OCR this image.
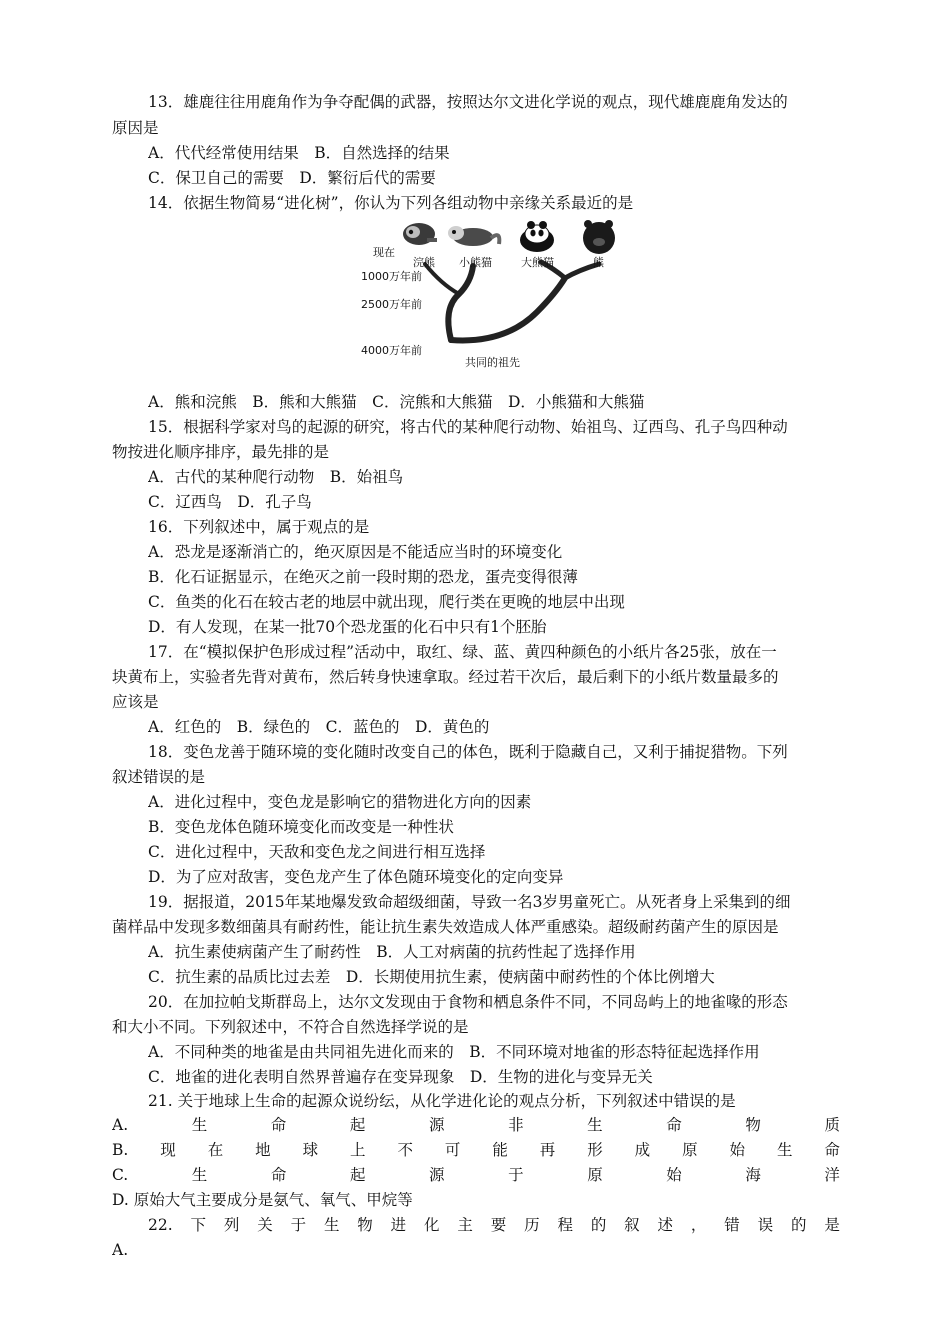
13．雄鹿往往用鹿角作为争夺配偶的武器，按照达尔文进化学说的观点，现代雄鹿鹿角发达的
原因是
A．代代经常使用结果　B．自然选择的结果
C．保卫自己的需要　D．繁衍后代的需要
14．依据生物简易“进化树”，你认为下列各组动物中亲缘关系最近的是
现在
浣熊 小熊猫	大熊猫	熊
1000万年前
2500万年前
4000万年前
共同的祖先
A．熊和浣熊　B．熊和大熊猫　C．浣熊和大熊猫　D．小熊猫和大熊猫
15．根据科学家对鸟的起源的研究，将古代的某种爬行动物、始祖鸟、辽西鸟、孔子鸟四种动
物按进化顺序排序，最先排的是
A．古代的某种爬行动物　B．始祖鸟
C．辽西鸟　D．孔子鸟
16．下列叙述中，属于观点的是
A．恐龙是逐渐消亡的，绝灭原因是不能适应当时的环境变化
B．化石证据显示，在绝灭之前一段时期的恐龙，蛋壳变得很薄
C．鱼类的化石在较古老的地层中就出现，爬行类在更晚的地层中出现
D．有人发现，在某一批70个恐龙蛋的化石中只有1个胚胎
17．在“模拟保护色形成过程”活动中，取红、绿、蓝、黄四种颜色的小纸片各25张，放在一
块黄布上，实验者先背对黄布，然后转身快速拿取。经过若干次后，最后剩下的小纸片数量最多的
应该是
A．红色的　B．绿色的　C．蓝色的　D．黄色的
18．变色龙善于随环境的变化随时改变自己的体色，既利于隐藏自己，又利于捕捉猎物。下列
叙述错误的是
A．进化过程中，变色龙是影响它的猎物进化方向的因素
B．变色龙体色随环境变化而改变是一种性状
C．进化过程中，天敌和变色龙之间进行相互选择
D．为了应对敌害，变色龙产生了体色随环境变化的定向变异
19．据报道，2015年某地爆发致命超级细菌，导致一名3岁男童死亡。从死者身上采集到的细
菌样品中发现多数细菌具有耐药性，能让抗生素失效造成人体严重感染。超级耐药菌产生的原因是
A．抗生素使病菌产生了耐药性　B．人工对病菌的抗药性起了选择作用
C．抗生素的品质比过去差　D．长期使用抗生素，使病菌中耐药性的个体比例增大
20．在加拉帕戈斯群岛上，达尔文发现由于食物和栖息条件不同，不同岛屿上的地雀喙的形态
和大小不同。下列叙述中，不符合自然选择学说的是
A．不同种类的地雀是由共同祖先进化而来的　B．不同环境对地雀的形态特征起选择作用
C．地雀的进化表明自然界普遍存在变异现象　D．生物的进化与变异无关
21. 关于地球上生命的起源众说纷纭，从化学进化论的观点分析，下列叙述中错误的是
A.	生	命	起	源	非	生	命	物	质
B. 现 在 地 球 上 不 可 能 再 形 成 原 始 生 命
C.	生	命	起	源	于	原	始	海	洋
D. 原始大气主要成分是氨气、氧气、甲烷等
22. 下 列 关 于 生 物 进 化 主 要 历 程 的 叙 述 ， 错 误 的 是
A.
